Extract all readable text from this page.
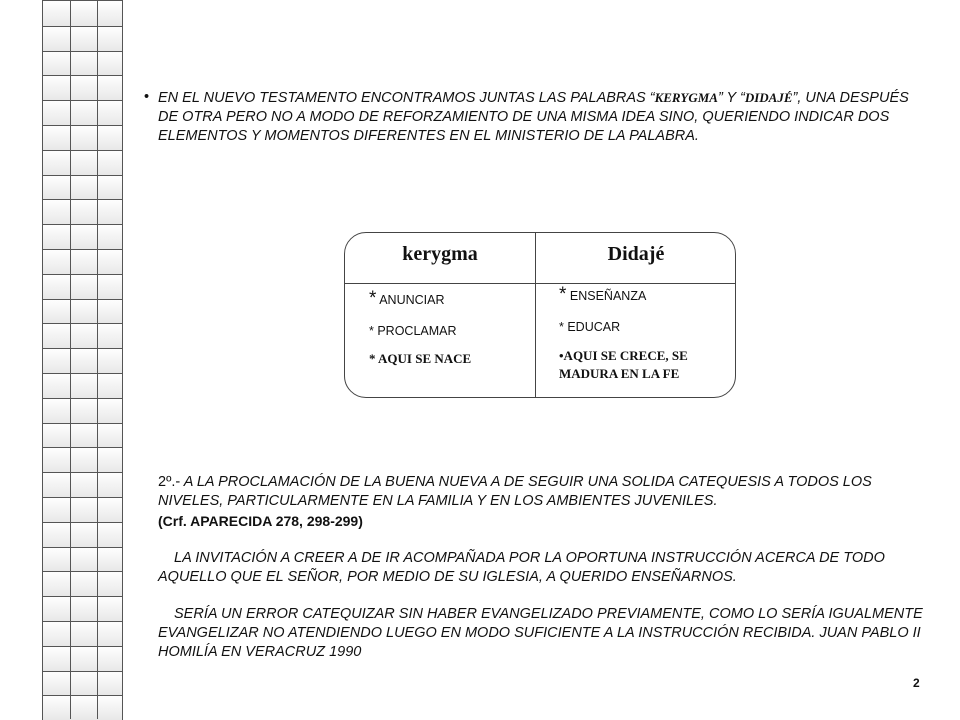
• EN EL NUEVO TESTAMENTO ENCONTRAMOS JUNTAS LAS PALABRAS “KERYGMA” Y “DIDAJÉ”, UNA DESPUÉS DE OTRA PERO NO A MODO DE REFORZAMIENTO DE UNA MISMA IDEA SINO, QUERIENDO INDICAR DOS ELEMENTOS Y MOMENTOS DIFERENTES EN EL MINISTERIO DE LA PALABRA.
kerygma	Didajé
* ANUNCIAR
* PROCLAMAR
* AQUI SE NACE
* ENSEÑANZA
* EDUCAR
•AQUI SE CRECE, SE MADURA EN LA FE
2º.- A LA PROCLAMACIÓN DE LA BUENA NUEVA A DE SEGUIR UNA SOLIDA CATEQUESIS A TODOS LOS NIVELES, PARTICULARMENTE EN LA FAMILIA Y EN LOS AMBIENTES JUVENILES.
(Crf. APARECIDA 278, 298-299)
LA INVITACIÓN A CREER A DE IR ACOMPAÑADA POR LA OPORTUNA INSTRUCCIÓN ACERCA DE TODO AQUELLO QUE EL SEÑOR, POR MEDIO DE SU IGLESIA, A QUERIDO ENSEÑARNOS.
SERÍA UN ERROR CATEQUIZAR SIN HABER EVANGELIZADO PREVIAMENTE, COMO LO SERÍA IGUALMENTE EVANGELIZAR NO ATENDIENDO LUEGO EN MODO SUFICIENTE A LA INSTRUCCIÓN RECIBIDA. JUAN PABLO II HOMILÍA EN VERACRUZ 1990
2
